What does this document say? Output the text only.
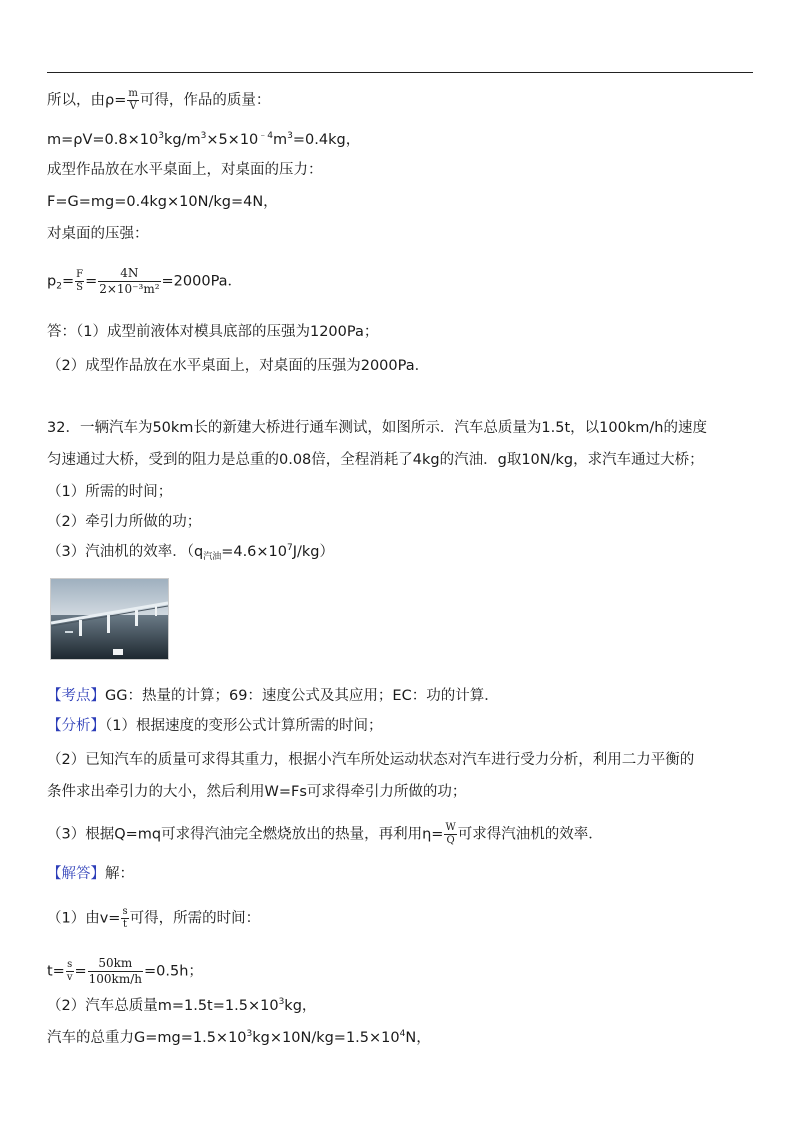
所以，由$\rho= \frac{m}{V}$ 可得，作品的质量：
$m=\rho V=0.8\times 10^3kg/m^3\times 5\times 10^{﹣4}m^3=0.4kg$，
成型作品放在水平桌面上，对桌面的压力：
F=G=mg=0.4kg×10N/kg=4N，
对桌面的压强：
$p_2= \frac{F}{S} = \frac{4N}{\text{2×10⁻³m²}} =2000Pa$．
答：（1）成型前液体对模具底部的压强为1200Pa；
（2）成型作品放在水平桌面上，对桌面的压强为2000Pa．
32．一辆汽车为50km长的新建大桥进行通车测试，如图所示．汽车总质量为1.5t，以100km/h的速度
匀速通过大桥，受到的阻力是总重的0.08倍，全程消耗了4kg的汽油．g取10N/kg，求汽车通过大桥；
（1）所需的时间；
（2）牵引力所做的功；
（3）汽油机的效率．$(q_{汽油}=4.6\times 10^7J/kg)$
【考点】GG：热量的计算；69：速度公式及其应用；EC：功的计算．
【分析】（1）根据速度的变形公式计算所需的时间；
（2）已知汽车的质量可求得其重力，根据小汽车所处运动状态对汽车进行受力分析，利用二力平衡的
条件求出牵引力的大小，然后利用W=Fs可求得牵引力所做的功；
（3）根据Q=mq可求得汽油完全燃烧放出的热量，再利用$\eta= \frac{W}{Q}$ 可求得汽油机的效率．
【解答】解：
（1）由$v= \frac{s}{t}$ 可得，所需的时间：
$t= \frac{s}{v} = \frac{50km}{100km/h} =0.5h$；
（2）汽车总质量$m=1.5t=1.5\times 10^3kg$，
汽车的总重力$G=mg=1.5\times 10^3kg\times 10N/kg=1.5\times 10^4N$，
